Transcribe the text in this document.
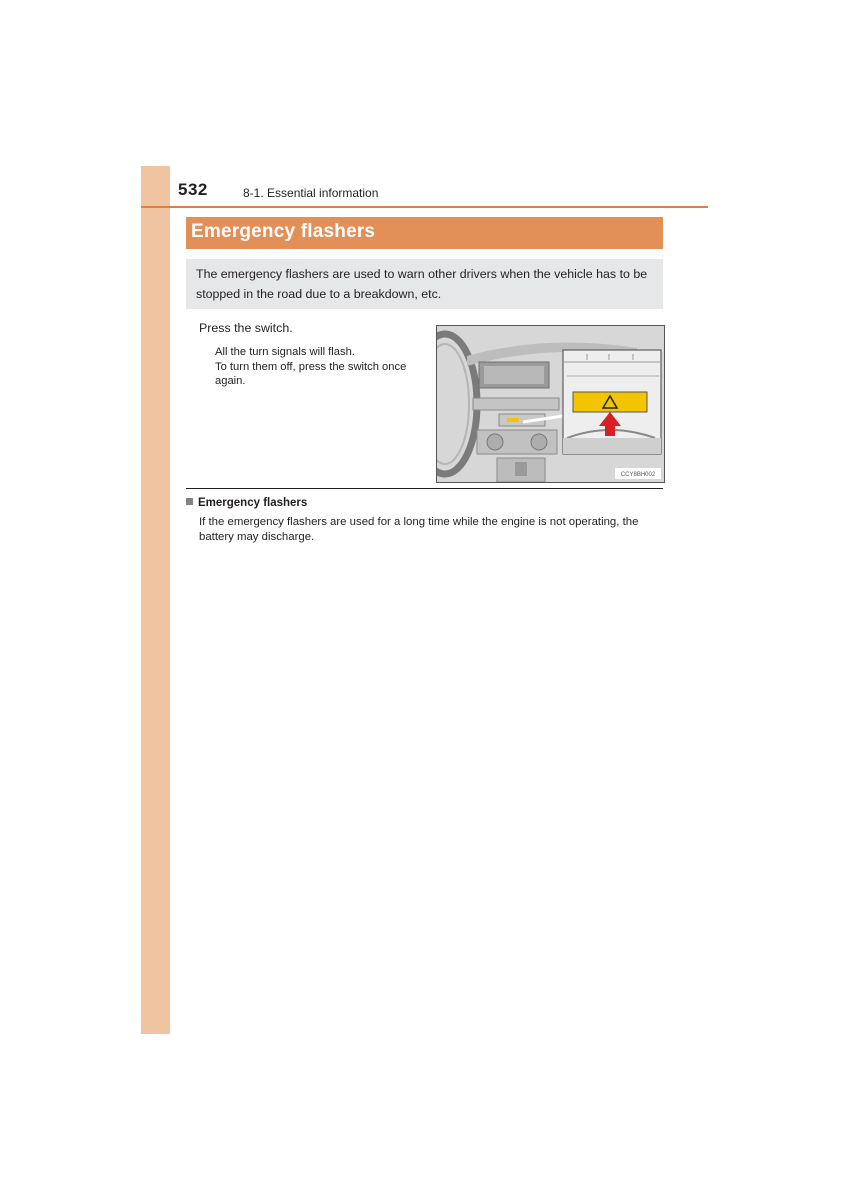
532	8-1. Essential information
Emergency flashers
The emergency flashers are used to warn other drivers when the vehicle has to be stopped in the road due to a breakdown, etc.
Press the switch.
All the turn signals will flash.
To turn them off, press the switch once
again.
CCY8BH002
Emergency flashers
If the emergency flashers are used for a long time while the engine is not operating, the battery may discharge.
